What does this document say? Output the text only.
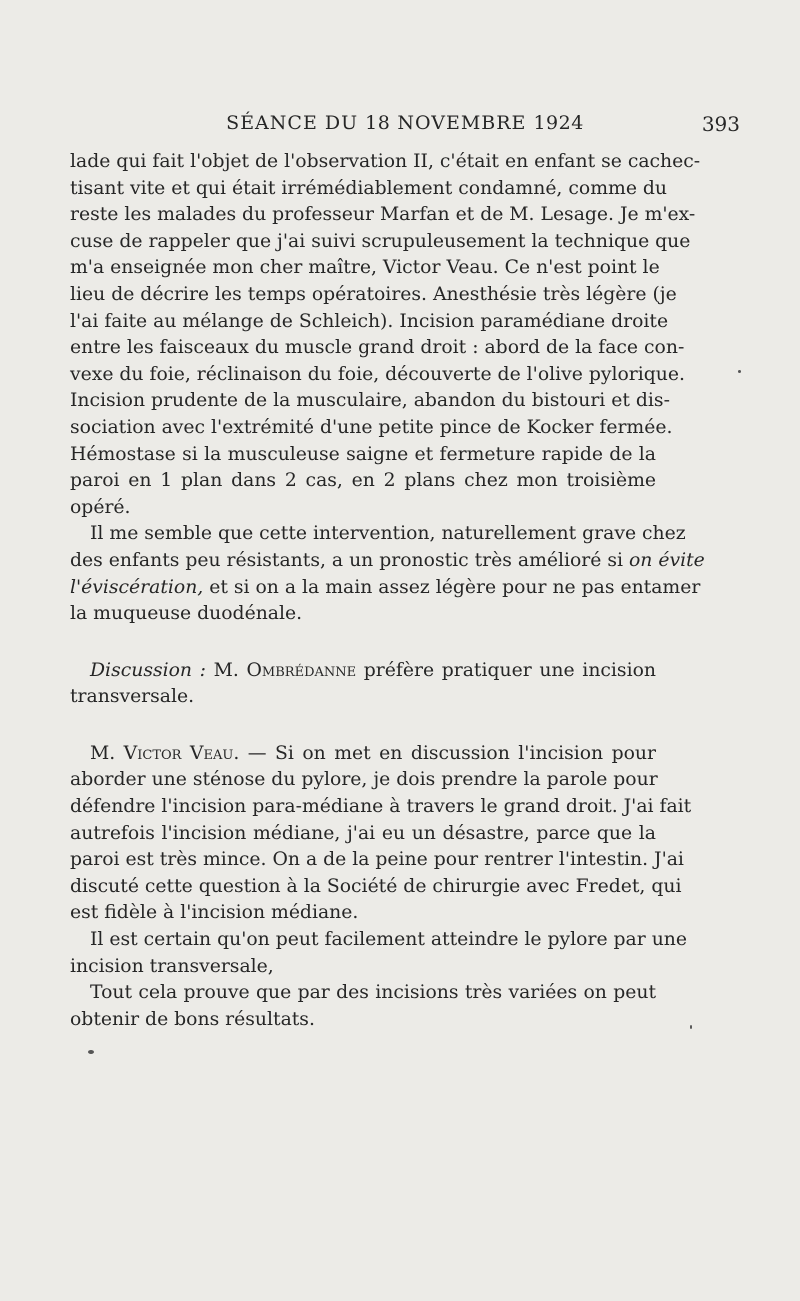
SÉANCE DU 18 NOVEMBRE 1924	393
lade qui fait l'objet de l'observation II, c'était en enfant se cachec-
tisant vite et qui était irrémédiablement condamné, comme du
reste les malades du professeur Marfan et de M. Lesage. Je m'ex-
cuse de rappeler que j'ai suivi scrupuleusement la technique que
m'a enseignée mon cher maître, Victor Veau. Ce n'est point le
lieu de décrire les temps opératoires. Anesthésie très légère (je
l'ai faite au mélange de Schleich). Incision paramédiane droite
entre les faisceaux du muscle grand droit : abord de la face con-
vexe du foie, réclinaison du foie, découverte de l'olive pylorique.
Incision prudente de la musculaire, abandon du bistouri et dis-
sociation avec l'extrémité d'une petite pince de Kocker fermée.
Hémostase si la musculeuse saigne et fermeture rapide de la
paroi en 1 plan dans 2 cas, en 2 plans chez mon troisième
opéré.
Il me semble que cette intervention, naturellement grave chez
des enfants peu résistants, a un pronostic très amélioré si on évite
l'éviscération, et si on a la main assez légère pour ne pas entamer
la muqueuse duodénale.
Discussion : M. Ombrédanne préfère pratiquer une incision
transversale.
M. Victor Veau. — Si on met en discussion l'incision pour
aborder une sténose du pylore, je dois prendre la parole pour
défendre l'incision para-médiane à travers le grand droit. J'ai fait
autrefois l'incision médiane, j'ai eu un désastre, parce que la
paroi est très mince. On a de la peine pour rentrer l'intestin. J'ai
discuté cette question à la Société de chirurgie avec Fredet, qui
est fidèle à l'incision médiane.
Il est certain qu'on peut facilement atteindre le pylore par une
incision transversale,
Tout cela prouve que par des incisions très variées on peut
obtenir de bons résultats.
